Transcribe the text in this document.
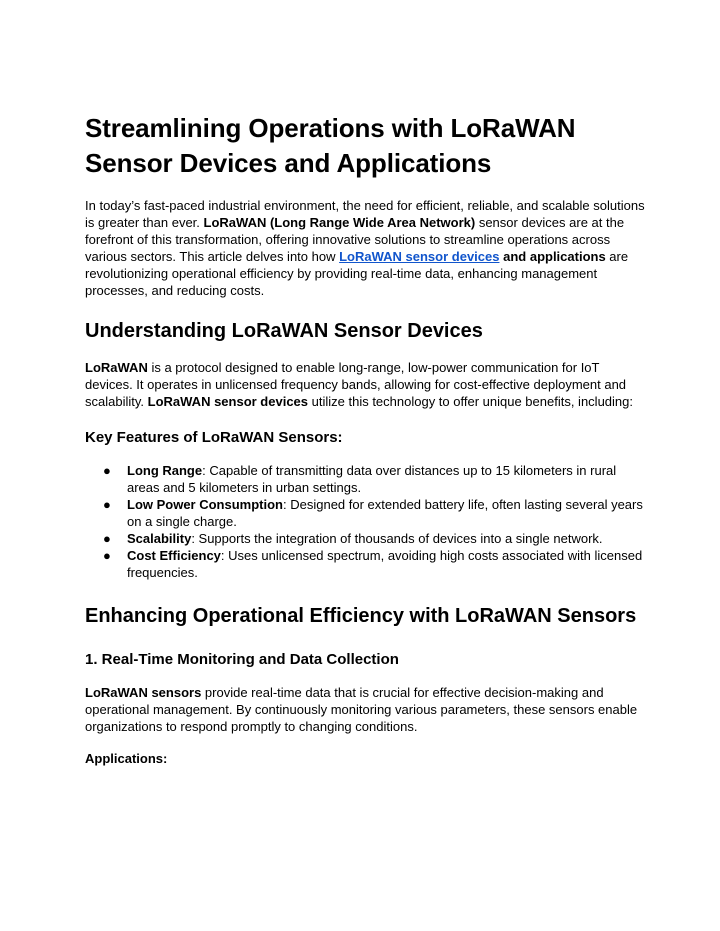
Streamlining Operations with LoRaWAN Sensor Devices and Applications

In today’s fast-paced industrial environment, the need for efficient, reliable, and scalable solutions is greater than ever. LoRaWAN (Long Range Wide Area Network) sensor devices are at the forefront of this transformation, offering innovative solutions to streamline operations across various sectors. This article delves into how LoRaWAN sensor devices and applications are revolutionizing operational efficiency by providing real-time data, enhancing management processes, and reducing costs.

Understanding LoRaWAN Sensor Devices

LoRaWAN is a protocol designed to enable long-range, low-power communication for IoT devices. It operates in unlicensed frequency bands, allowing for cost-effective deployment and scalability. LoRaWAN sensor devices utilize this technology to offer unique benefits, including:

Key Features of LoRaWAN Sensors:
● Long Range: Capable of transmitting data over distances up to 15 kilometers in rural areas and 5 kilometers in urban settings.
● Low Power Consumption: Designed for extended battery life, often lasting several years on a single charge.
● Scalability: Supports the integration of thousands of devices into a single network.
● Cost Efficiency: Uses unlicensed spectrum, avoiding high costs associated with licensed frequencies.
Enhancing Operational Efficiency with LoRaWAN Sensors
1. Real-Time Monitoring and Data Collection

LoRaWAN sensors provide real-time data that is crucial for effective decision-making and operational management. By continuously monitoring various parameters, these sensors enable organizations to respond promptly to changing conditions.

Applications:
